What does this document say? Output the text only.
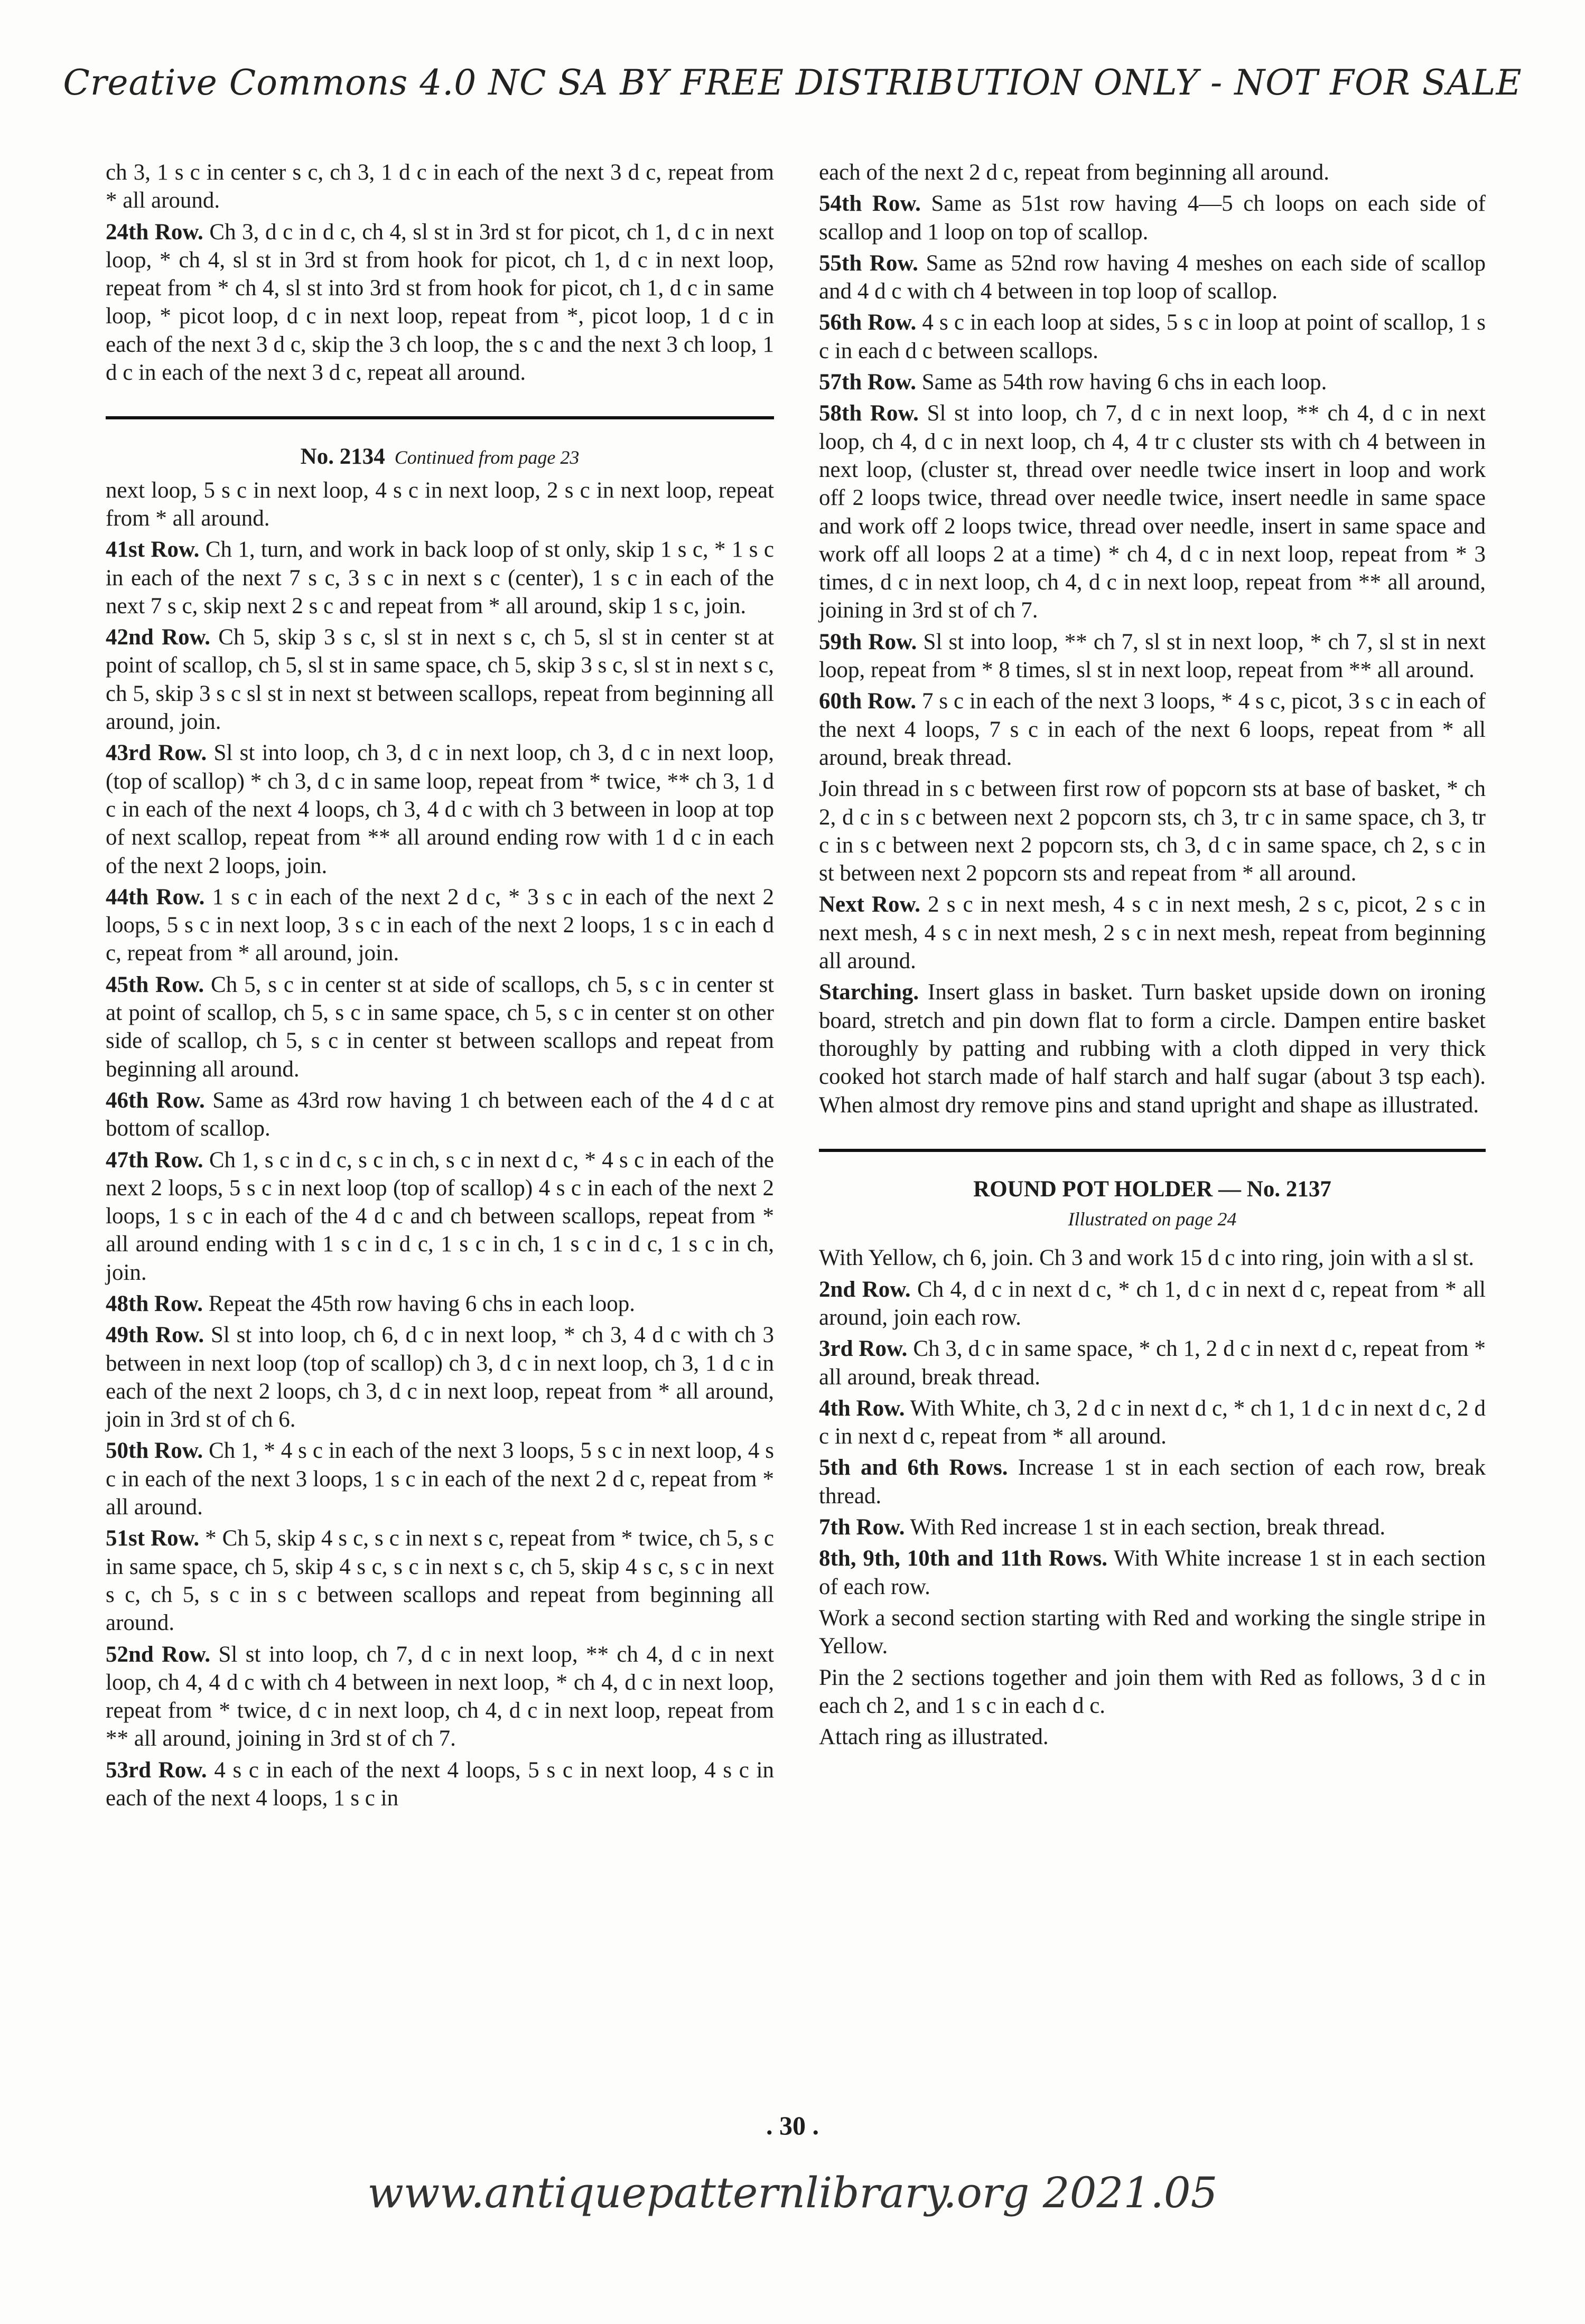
Creative Commons 4.0 NC SA BY FREE DISTRIBUTION ONLY - NOT FOR SALE

ch 3, 1 s c in center s c, ch 3, 1 d c in each of the next 3 d c, repeat from * all around.

24th Row. Ch 3, d c in d c, ch 4, sl st in 3rd st for picot, ch 1, d c in next loop, * ch 4, sl st in 3rd st from hook for picot, ch 1, d c in next loop, repeat from * ch 4, sl st into 3rd st from hook for picot, ch 1, d c in same loop, * picot loop, d c in next loop, repeat from *, picot loop, 1 d c in each of the next 3 d c, skip the 3 ch loop, the s c and the next 3 ch loop, 1 d c in each of the next 3 d c, repeat all around.

No. 2134 Continued from page 23

next loop, 5 s c in next loop, 4 s c in next loop, 2 s c in next loop, repeat from * all around.

41st Row. Ch 1, turn, and work in back loop of st only, skip 1 s c, * 1 s c in each of the next 7 s c, 3 s c in next s c (center), 1 s c in each of the next 7 s c, skip next 2 s c and repeat from * all around, skip 1 s c, join.

42nd Row. Ch 5, skip 3 s c, sl st in next s c, ch 5, sl st in center st at point of scallop, ch 5, sl st in same space, ch 5, skip 3 s c, sl st in next s c, ch 5, skip 3 s c sl st in next st between scallops, repeat from beginning all around, join.

43rd Row. Sl st into loop, ch 3, d c in next loop, ch 3, d c in next loop, (top of scallop) * ch 3, d c in same loop, repeat from * twice, ** ch 3, 1 d c in each of the next 4 loops, ch 3, 4 d c with ch 3 between in loop at top of next scallop, repeat from ** all around ending row with 1 d c in each of the next 2 loops, join.

44th Row. 1 s c in each of the next 2 d c, * 3 s c in each of the next 2 loops, 5 s c in next loop, 3 s c in each of the next 2 loops, 1 s c in each d c, repeat from * all around, join.

45th Row. Ch 5, s c in center st at side of scallops, ch 5, s c in center st at point of scallop, ch 5, s c in same space, ch 5, s c in center st on other side of scallop, ch 5, s c in center st between scallops and repeat from beginning all around.

46th Row. Same as 43rd row having 1 ch between each of the 4 d c at bottom of scallop.

47th Row. Ch 1, s c in d c, s c in ch, s c in next d c, * 4 s c in each of the next 2 loops, 5 s c in next loop (top of scallop) 4 s c in each of the next 2 loops, 1 s c in each of the 4 d c and ch between scallops, repeat from * all around ending with 1 s c in d c, 1 s c in ch, 1 s c in d c, 1 s c in ch, join.

48th Row. Repeat the 45th row having 6 chs in each loop.

49th Row. Sl st into loop, ch 6, d c in next loop, * ch 3, 4 d c with ch 3 between in next loop (top of scallop) ch 3, d c in next loop, ch 3, 1 d c in each of the next 2 loops, ch 3, d c in next loop, repeat from * all around, join in 3rd st of ch 6.

50th Row. Ch 1, * 4 s c in each of the next 3 loops, 5 s c in next loop, 4 s c in each of the next 3 loops, 1 s c in each of the next 2 d c, repeat from * all around.

51st Row. * Ch 5, skip 4 s c, s c in next s c, repeat from * twice, ch 5, s c in same space, ch 5, skip 4 s c, s c in next s c, ch 5, skip 4 s c, s c in next s c, ch 5, s c in s c between scallops and repeat from beginning all around.

52nd Row. Sl st into loop, ch 7, d c in next loop, ** ch 4, d c in next loop, ch 4, 4 d c with ch 4 between in next loop, * ch 4, d c in next loop, repeat from * twice, d c in next loop, ch 4, d c in next loop, repeat from ** all around, joining in 3rd st of ch 7.

53rd Row. 4 s c in each of the next 4 loops, 5 s c in next loop, 4 s c in each of the next 4 loops, 1 s c in

each of the next 2 d c, repeat from beginning all around.

54th Row. Same as 51st row having 4—5 ch loops on each side of scallop and 1 loop on top of scallop.

55th Row. Same as 52nd row having 4 meshes on each side of scallop and 4 d c with ch 4 between in top loop of scallop.

56th Row. 4 s c in each loop at sides, 5 s c in loop at point of scallop, 1 s c in each d c between scallops.

57th Row. Same as 54th row having 6 chs in each loop.

58th Row. Sl st into loop, ch 7, d c in next loop, ** ch 4, d c in next loop, ch 4, d c in next loop, ch 4, 4 tr c cluster sts with ch 4 between in next loop, (cluster st, thread over needle twice insert in loop and work off 2 loops twice, thread over needle twice, insert needle in same space and work off 2 loops twice, thread over needle, insert in same space and work off all loops 2 at a time) * ch 4, d c in next loop, repeat from * 3 times, d c in next loop, ch 4, d c in next loop, repeat from ** all around, joining in 3rd st of ch 7.

59th Row. Sl st into loop, ** ch 7, sl st in next loop, * ch 7, sl st in next loop, repeat from * 8 times, sl st in next loop, repeat from ** all around.

60th Row. 7 s c in each of the next 3 loops, * 4 s c, picot, 3 s c in each of the next 4 loops, 7 s c in each of the next 6 loops, repeat from * all around, break thread.

Join thread in s c between first row of popcorn sts at base of basket, * ch 2, d c in s c between next 2 popcorn sts, ch 3, tr c in same space, ch 3, tr c in s c between next 2 popcorn sts, ch 3, d c in same space, ch 2, s c in st between next 2 popcorn sts and repeat from * all around.

Next Row. 2 s c in next mesh, 4 s c in next mesh, 2 s c, picot, 2 s c in next mesh, 4 s c in next mesh, 2 s c in next mesh, repeat from beginning all around.

Starching. Insert glass in basket. Turn basket upside down on ironing board, stretch and pin down flat to form a circle. Dampen entire basket thoroughly by patting and rubbing with a cloth dipped in very thick cooked hot starch made of half starch and half sugar (about 3 tsp each). When almost dry remove pins and stand upright and shape as illustrated.

ROUND POT HOLDER — No. 2137

Illustrated on page 24

With Yellow, ch 6, join. Ch 3 and work 15 d c into ring, join with a sl st.

2nd Row. Ch 4, d c in next d c, * ch 1, d c in next d c, repeat from * all around, join each row.

3rd Row. Ch 3, d c in same space, * ch 1, 2 d c in next d c, repeat from * all around, break thread.

4th Row. With White, ch 3, 2 d c in next d c, * ch 1, 1 d c in next d c, 2 d c in next d c, repeat from * all around.

5th and 6th Rows. Increase 1 st in each section of each row, break thread.

7th Row. With Red increase 1 st in each section, break thread.

8th, 9th, 10th and 11th Rows. With White increase 1 st in each section of each row.

Work a second section starting with Red and working the single stripe in Yellow.

Pin the 2 sections together and join them with Red as follows, 3 d c in each ch 2, and 1 s c in each d c.

Attach ring as illustrated.

. 30 .
www.antiquepatternlibrary.org 2021.05
